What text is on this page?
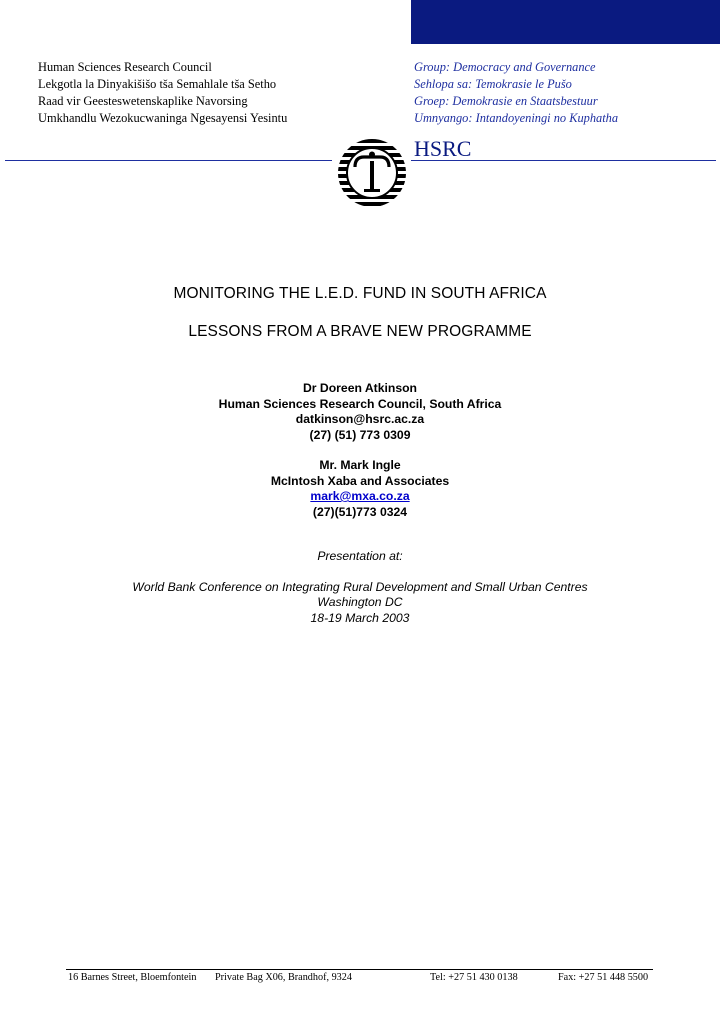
Human Sciences Research Council
Lekgotla la Dinyakišišo tša Semahlale tša Setho
Raad vir Geesteswetenskaplike Navorsing
Umkhandlu Wezokucwaninga Ngesayensi Yesintu
Group: Democracy and Governance
Sehlopa sa: Temokrasie le Pušo
Groep: Demokrasie en Staatsbestuur
Umnyango: Intandoyeningi no Kuphatha
HSRC
MONITORING THE L.E.D. FUND IN SOUTH AFRICA
LESSONS FROM A BRAVE NEW PROGRAMME
Dr Doreen Atkinson
Human Sciences Research Council, South Africa
datkinson@hsrc.ac.za
(27) (51) 773 0309
Mr. Mark Ingle
McIntosh Xaba and Associates
mark@mxa.co.za
(27)(51)773 0324
Presentation at:
World Bank Conference on Integrating Rural Development and Small Urban Centres
Washington DC
18-19 March 2003
16 Barnes Street, Bloemfontein Private Bag X06, Brandhof, 9324	Tel: +27 51 430 0138	Fax: +27 51 448 5500
